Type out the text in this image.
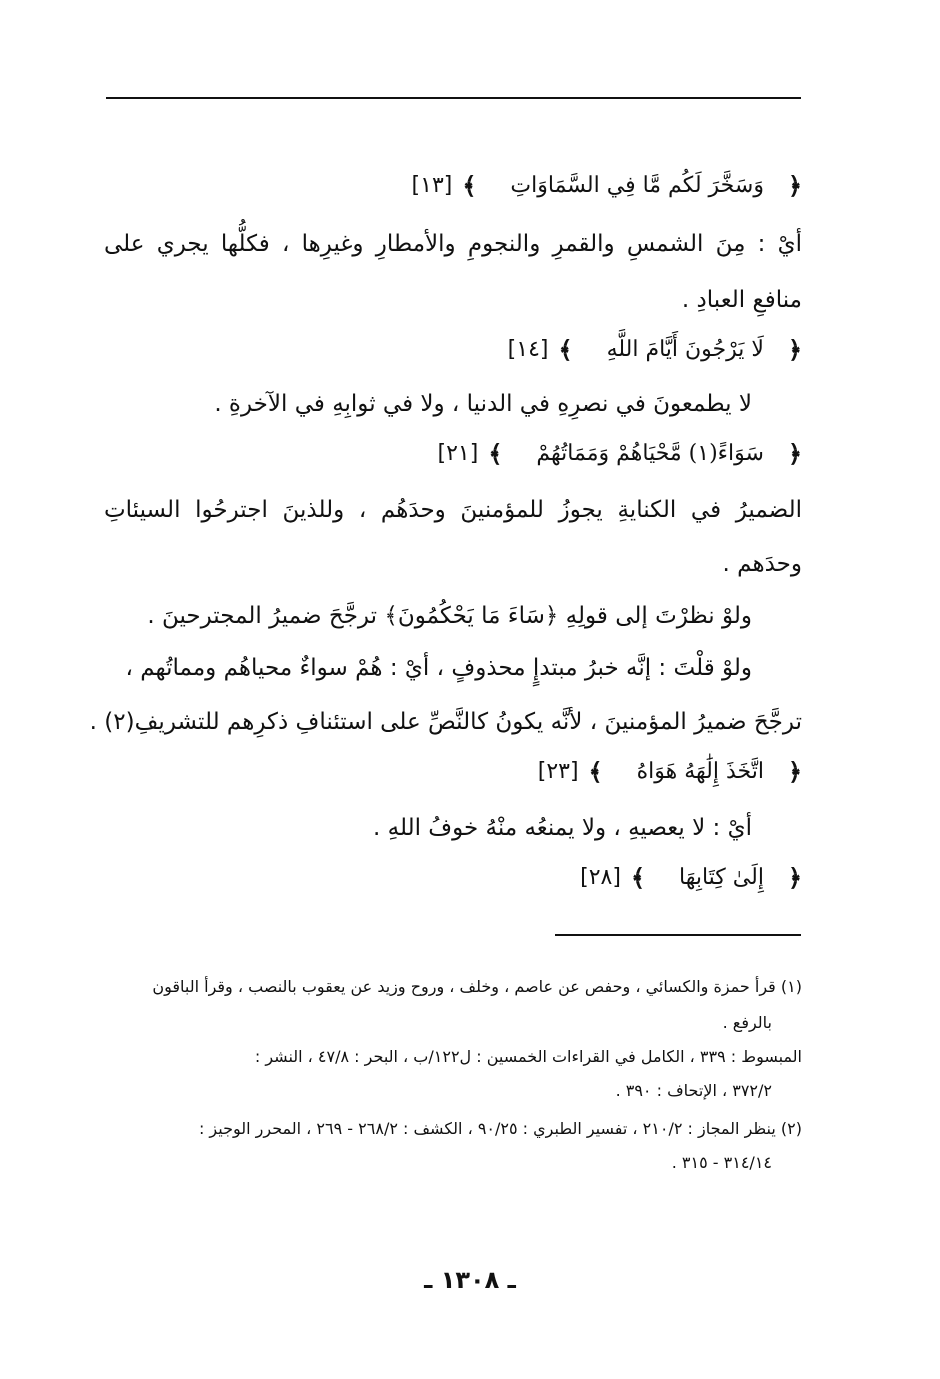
﴿
وَسَخَّرَ لَكُم مَّا فِي السَّمَاوَاتِ
﴾
[١٣]
أيْ : مِنَ الشمسِ والقمرِ والنجومِ والأمطارِ وغيرِها ، فكلُّها يجري على
منافعِ العبادِ .
﴿
لَا يَرْجُونَ أَيَّامَ اللَّهِ
﴾
[١٤]
لا يطمعونَ في نصرِهِ في الدنيا ، ولا في ثوابِهِ في الآخرةِ .
﴿
سَوَاءً(١) مَّحْيَاهُمْ وَمَمَاتُهُمْ
﴾
[٢١]
الضميرُ في الكنايةِ يجوزُ للمؤمنينَ وحدَهُم ، وللذينَ اجترحُوا السيئاتِ
وحدَهم .
ولوْ نظرْتَ إلى قولِهِ ﴿سَاءَ مَا يَحْكُمُونَ﴾ ترجَّحَ ضميرُ المجترحينَ .
ولوْ قلْتَ : إنَّه خبرُ مبتدإٍ محذوفٍ ، أيْ : هُمْ سواءٌ محياهُم ومماتُهم ،
ترجَّحَ ضميرُ المؤمنينَ ، لأنَّه يكونُ كالنَّصِّ على استئنافِ ذكرِهم للتشريفِ(٢) .
﴿
اتَّخَذَ إِلَٰهَهُ هَوَاهُ
﴾
[٢٣]
أيْ : لا يعصيهِ ، ولا يمنعُه منْهُ خوفُ اللهِ .
﴿
إِلَىٰ كِتَابِهَا
﴾
[٢٨]
(١) قرأ حمزة والكسائي ، وحفص عن عاصم ، وخلف ، وروح وزيد عن يعقوب بالنصب ، وقرأ الباقون
بالرفع .
المبسوط : ٣٣٩ ، الكامل في القراءات الخمسين : ل١٢٢/ب ، البحر : ٤٧/٨ ، النشر :
٣٧٢/٢ ، الإتحاف : ٣٩٠ .
(٢) ينظر المجاز : ٢١٠/٢ ، تفسير الطبري : ٩٠/٢٥ ، الكشف : ٢٦٨/٢ - ٢٦٩ ، المحرر الوجيز :
٣١٤/١٤ - ٣١٥ .
ـ ١٣٠٨ ـ
